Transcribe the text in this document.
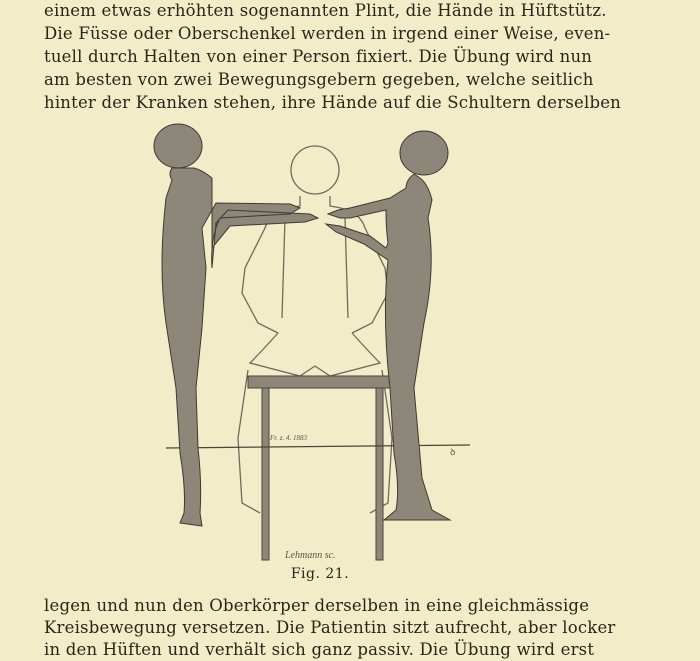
einem etwas erhöhten sogenannten Plint, die Hände in Hüftstütz.
Die Füsse oder Oberschenkel werden in irgend einer Weise, even-
tuell durch Halten von einer Person fixiert. Die Übung wird nun
am besten von zwei Bewegungsgebern gegeben, welche seitlich
hinter der Kranken stehen, ihre Hände auf die Schultern derselben
Fr. z. 4. 1883
ꝺ
Lehmann sc.
Fig. 21.
legen und nun den Oberkörper derselben in eine gleichmässige
Kreisbewegung versetzen. Die Patientin sitzt aufrecht, aber locker
in den Hüften und verhält sich ganz passiv. Die Übung wird erst
